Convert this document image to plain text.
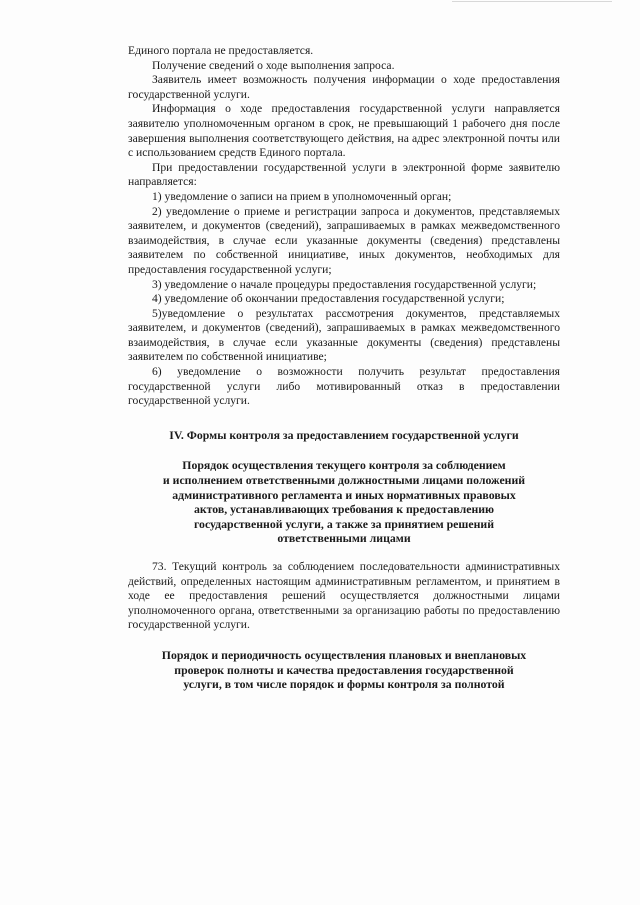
Единого портала не предоставляется.

Получение сведений о ходе выполнения запроса.

Заявитель имеет возможность получения информации о ходе предоставления государственной услуги.

Информация о ходе предоставления государственной услуги направляется заявителю уполномоченным органом в срок, не превышающий 1 рабочего дня после завершения выполнения соответствующего действия, на адрес электронной почты или с использованием средств Единого портала.

При предоставлении государственной услуги в электронной форме заявителю направляется:

1) уведомление о записи на прием в уполномоченный орган;

2) уведомление о приеме и регистрации запроса и документов, представляемых заявителем, и документов (сведений), запрашиваемых в рамках межведомственного взаимодействия, в случае если указанные документы (сведения) представлены заявителем по собственной инициативе, иных документов, необходимых для предоставления государственной услуги;

3) уведомление о начале процедуры предоставления государственной услуги;

4) уведомление об окончании предоставления государственной услуги;

5)уведомление о результатах рассмотрения документов, представляемых заявителем, и документов (сведений), запрашиваемых в рамках межведомственного взаимодействия, в случае если указанные документы (сведения) представлены заявителем по собственной инициативе;

6) уведомление о возможности получить результат предоставления государственной услуги либо мотивированный отказ в предоставлении государственной услуги.

IV. Формы контроля за предоставлением государственной услуги
Порядок осуществления текущего контроля за соблюдением
и исполнением ответственными должностными лицами положений
административного регламента и иных нормативных правовых
актов, устанавливающих требования к предоставлению
государственной услуги, а также за принятием решений
ответственными лицами

73. Текущий контроль за соблюдением последовательности административных действий, определенных настоящим административным регламентом, и принятием в ходе ее предоставления решений осуществляется должностными лицами уполномоченного органа, ответственными за организацию работы по предоставлению государственной услуги.

Порядок и периодичность осуществления плановых и внеплановых
проверок полноты и качества предоставления государственной
услуги, в том числе порядок и формы контроля за полнотой
